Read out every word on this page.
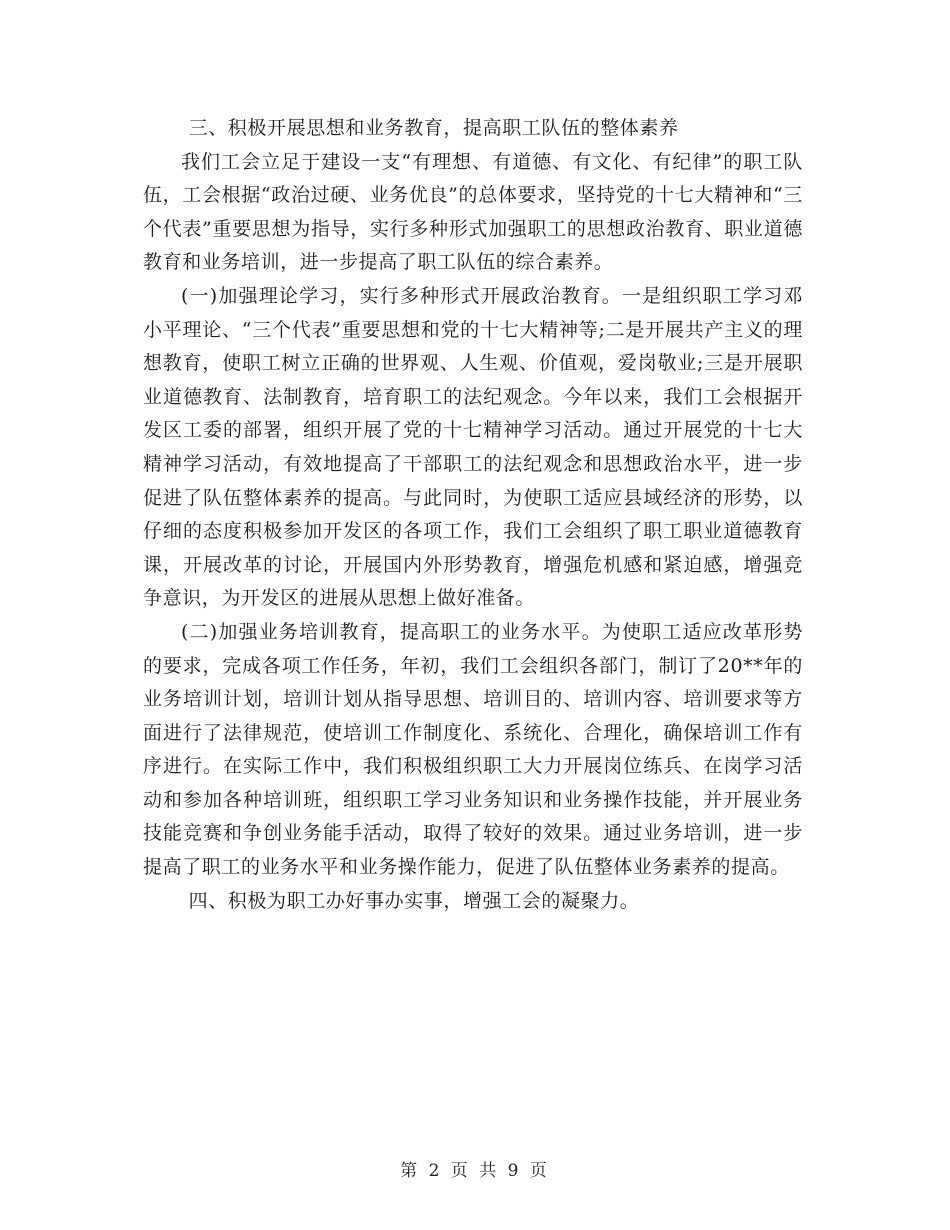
三、积极开展思想和业务教育，提高职工队伍的整体素养

我们工会立足于建设一支“有理想、有道德、有文化、有纪律”的职工队伍，工会根据“政治过硬、业务优良”的总体要求，坚持党的十七大精神和“三个代表”重要思想为指导，实行多种形式加强职工的思想政治教育、职业道德教育和业务培训，进一步提高了职工队伍的综合素养。

(一)加强理论学习，实行多种形式开展政治教育。一是组织职工学习邓小平理论、“三个代表”重要思想和党的十七大精神等;二是开展共产主义的理想教育，使职工树立正确的世界观、人生观、价值观，爱岗敬业;三是开展职业道德教育、法制教育，培育职工的法纪观念。今年以来，我们工会根据开发区工委的部署，组织开展了党的十七精神学习活动。通过开展党的十七大精神学习活动，有效地提高了干部职工的法纪观念和思想政治水平，进一步促进了队伍整体素养的提高。与此同时，为使职工适应县域经济的形势，以仔细的态度积极参加开发区的各项工作，我们工会组织了职工职业道德教育课，开展改革的讨论，开展国内外形势教育，增强危机感和紧迫感，增强竞争意识，为开发区的进展从思想上做好准备。

(二)加强业务培训教育，提高职工的业务水平。为使职工适应改革形势的要求，完成各项工作任务，年初，我们工会组织各部门，制订了20**年的业务培训计划，培训计划从指导思想、培训目的、培训内容、培训要求等方面进行了法律规范，使培训工作制度化、系统化、合理化，确保培训工作有序进行。在实际工作中，我们积极组织职工大力开展岗位练兵、在岗学习活动和参加各种培训班，组织职工学习业务知识和业务操作技能，并开展业务技能竞赛和争创业务能手活动，取得了较好的效果。通过业务培训，进一步提高了职工的业务水平和业务操作能力，促进了队伍整体业务素养的提高。

四、积极为职工办好事办实事，增强工会的凝聚力。

第 2 页 共 9 页
